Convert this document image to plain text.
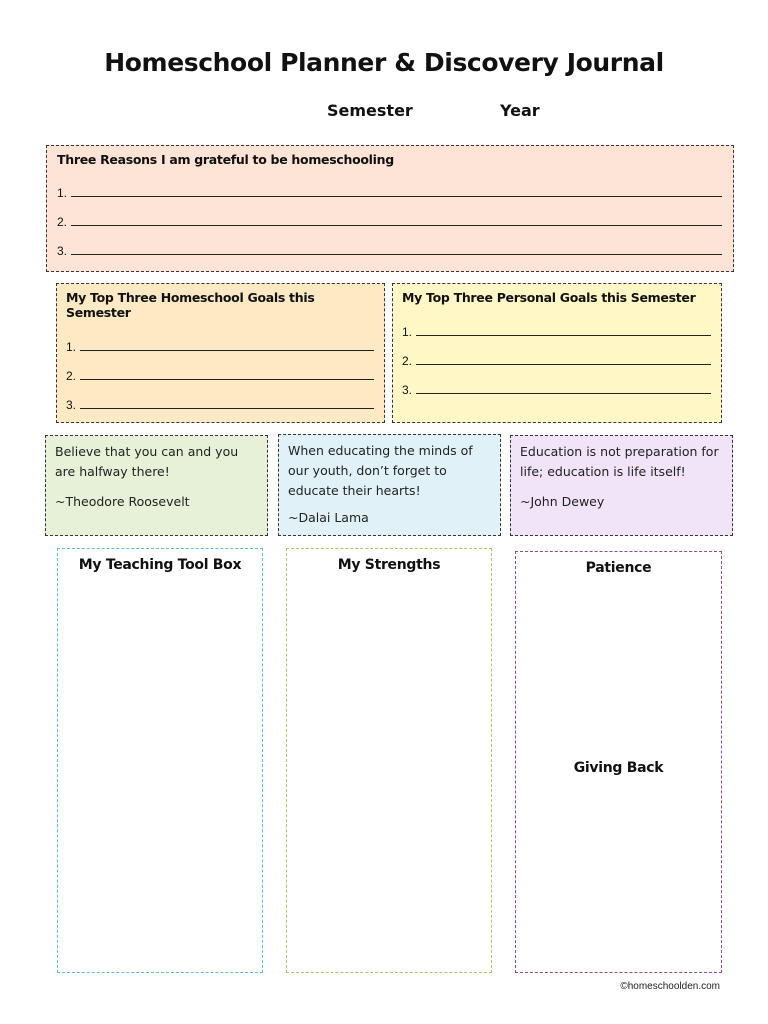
Homeschool Planner & Discovery Journal
Semester	Year
Three Reasons I am grateful to be homeschooling
1.
2.
3.
My Top Three Homeschool Goals this Semester
1.
2.
3.
My Top Three Personal Goals this Semester
1.
2.
3.
Believe that you can and you are halfway there!
~Theodore Roosevelt
When educating the minds of our youth, don’t forget to educate their hearts!
~Dalai Lama
Education is not preparation for life; education is life itself!
~John Dewey
My Teaching Tool Box	My Strengths	Patience
Giving Back
©homeschoolden.com
